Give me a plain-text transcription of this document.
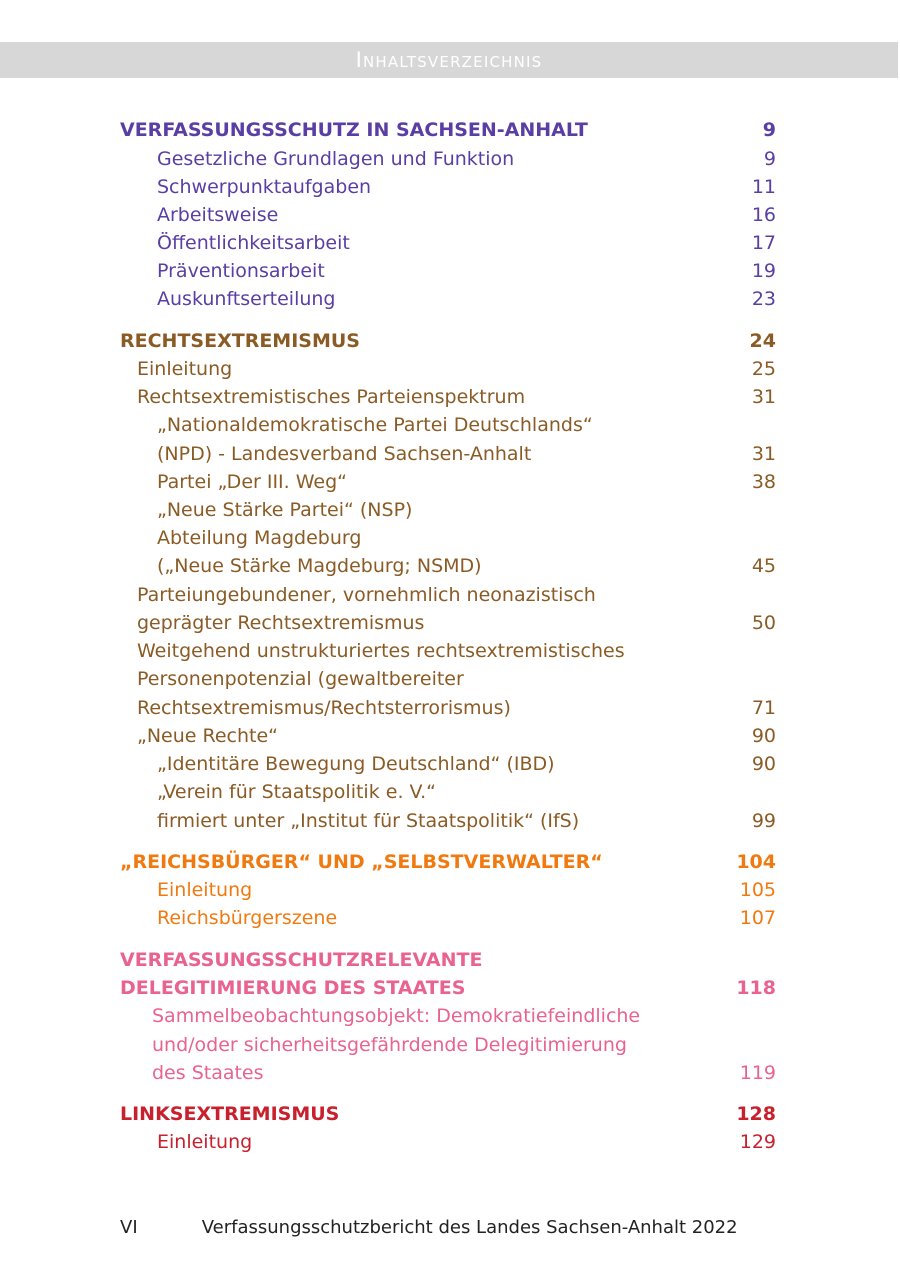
Inhaltsverzeichnis
VERFASSUNGSSCHUTZ IN SACHSEN-ANHALT	9
Gesetzliche Grundlagen und Funktion	9
Schwerpunktaufgaben	11
Arbeitsweise	16
Öffentlichkeitsarbeit	17
Präventionsarbeit	19
Auskunftserteilung	23
RECHTSEXTREMISMUS	24
Einleitung	25
Rechtsextremistisches Parteienspektrum	31
„Nationaldemokratische Partei Deutschlands“
(NPD) - Landesverband Sachsen-Anhalt	31
Partei „Der III. Weg“	38
„Neue Stärke Partei“ (NSP)
Abteilung Magdeburg
(„Neue Stärke Magdeburg; NSMD)	45
Parteiungebundener, vornehmlich neonazistisch
geprägter Rechtsextremismus	50
Weitgehend unstrukturiertes rechtsextremistisches
Personenpotenzial (gewaltbereiter
Rechtsextremismus/Rechtsterrorismus)	71
„Neue Rechte“	90
„Identitäre Bewegung Deutschland“ (IBD)	90
„Verein für Staatspolitik e. V.“
firmiert unter „Institut für Staatspolitik“ (IfS)	99
„REICHSBÜRGER“ UND „SELBSTVERWALTER“	104
Einleitung	105
Reichsbürgerszene	107
VERFASSUNGSSCHUTZRELEVANTE
DELEGITIMIERUNG DES STAATES	118
Sammelbeobachtungsobjekt: Demokratiefeindliche
und/oder sicherheitsgefährdende Delegitimierung
des Staates	119
LINKSEXTREMISMUS	128
Einleitung	129
VI	Verfassungsschutzbericht des Landes Sachsen-Anhalt 2022
